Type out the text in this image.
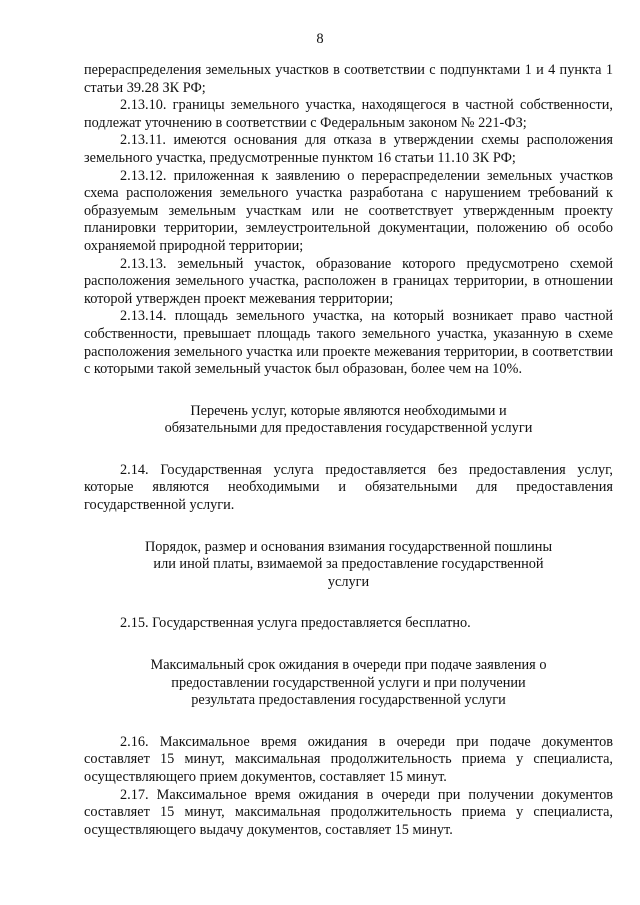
8

перераспределения земельных участков в соответствии с подпунктами 1 и 4 пункта 1 статьи 39.28 ЗК РФ;

2.13.10. границы земельного участка, находящегося в частной собственности, подлежат уточнению в соответствии с Федеральным законом № 221-ФЗ;

2.13.11. имеются основания для отказа в утверждении схемы расположения земельного участка, предусмотренные пунктом 16 статьи 11.10 ЗК РФ;

2.13.12. приложенная к заявлению о перераспределении земельных участков схема расположения земельного участка разработана с нарушением требований к образуемым земельным участкам или не соответствует утвержденным проекту планировки территории, землеустроительной документации, положению об особо охраняемой природной территории;

2.13.13. земельный участок, образование которого предусмотрено схемой расположения земельного участка, расположен в границах территории, в отношении которой утвержден проект межевания территории;

2.13.14. площадь земельного участка, на который возникает право частной собственности, превышает площадь такого земельного участка, указанную в схеме расположения земельного участка или проекте межевания территории, в соответствии с которыми такой земельный участок был образован, более чем на 10%.

Перечень услуг, которые являются необходимыми и
обязательными для предоставления государственной услуги

2.14. Государственная услуга предоставляется без предоставления услуг, которые являются необходимыми и обязательными для предоставления государственной услуги.

Порядок, размер и основания взимания государственной пошлины
или иной платы, взимаемой за предоставление государственной
услуги

2.15. Государственная услуга предоставляется бесплатно.

Максимальный срок ожидания в очереди при подаче заявления о
предоставлении государственной услуги и при получении
результата предоставления государственной услуги

2.16. Максимальное время ожидания в очереди при подаче документов составляет 15 минут, максимальная продолжительность приема у специалиста, осуществляющего прием документов, составляет 15 минут.

2.17. Максимальное время ожидания в очереди при получении документов составляет 15 минут, максимальная продолжительность приема у специалиста, осуществляющего выдачу документов, составляет 15 минут.
